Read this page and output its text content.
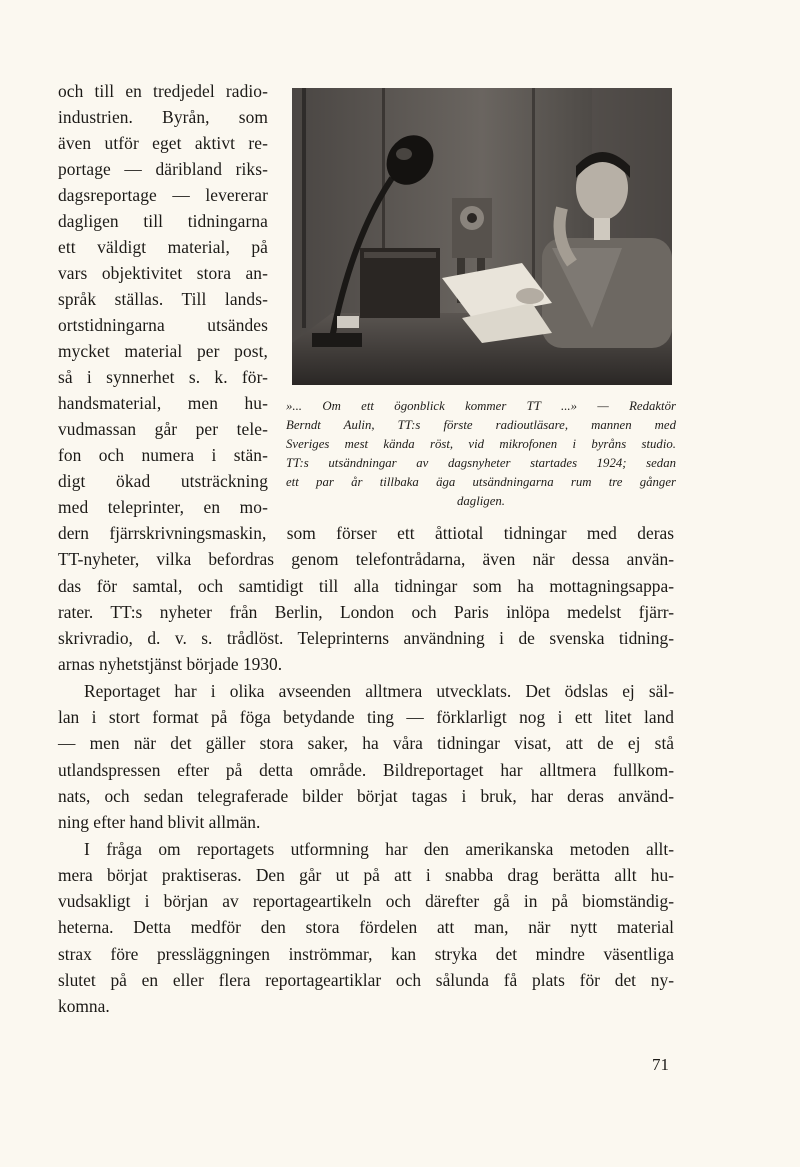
och till en tredjedel radio-
industrien. Byrån, som
även utför eget aktivt re-
portage — däribland riks-
dagsreportage — levererar
dagligen till tidningarna
ett väldigt material, på
vars objektivitet stora an-
språk ställas. Till lands-
ortstidningarna utsändes
mycket material per post,
så i synnerhet s. k. för-
handsmaterial, men hu-
vudmassan går per tele-
fon och numera i stän-
digt ökad utsträckning
med teleprinter, en mo-
»... Om ett ögonblick kommer TT ...» — Redaktör
Berndt Aulin, TT:s förste radioutläsare, mannen med
Sveriges mest kända röst, vid mikrofonen i byråns studio.
TT:s utsändningar av dagsnyheter startades 1924; sedan
ett par år tillbaka äga utsändningarna rum tre gånger
dagligen.
dern fjärrskrivningsmaskin, som förser ett åttiotal tidningar med deras
TT-nyheter, vilka befordras genom telefontrådarna, även när dessa använ-
das för samtal, och samtidigt till alla tidningar som ha mottagningsappa-
rater. TT:s nyheter från Berlin, London och Paris inlöpa medelst fjärr-
skrivradio, d. v. s. trådlöst. Teleprinterns användning i de svenska tidning-
arnas nyhetstjänst började 1930.
Reportaget har i olika avseenden alltmera utvecklats. Det ödslas ej säl-
lan i stort format på föga betydande ting — förklarligt nog i ett litet land
— men när det gäller stora saker, ha våra tidningar visat, att de ej stå
utlandspressen efter på detta område. Bildreportaget har alltmera fullkom-
nats, och sedan telegraferade bilder börjat tagas i bruk, har deras använd-
ning efter hand blivit allmän.
I fråga om reportagets utformning har den amerikanska metoden allt-
mera börjat praktiseras. Den går ut på att i snabba drag berätta allt hu-
vudsakligt i början av reportageartikeln och därefter gå in på biomständig-
heterna. Detta medför den stora fördelen att man, när nytt material
strax före pressläggningen inströmmar, kan stryka det mindre väsentliga
slutet på en eller flera reportageartiklar och sålunda få plats för det ny-
komna.
71
